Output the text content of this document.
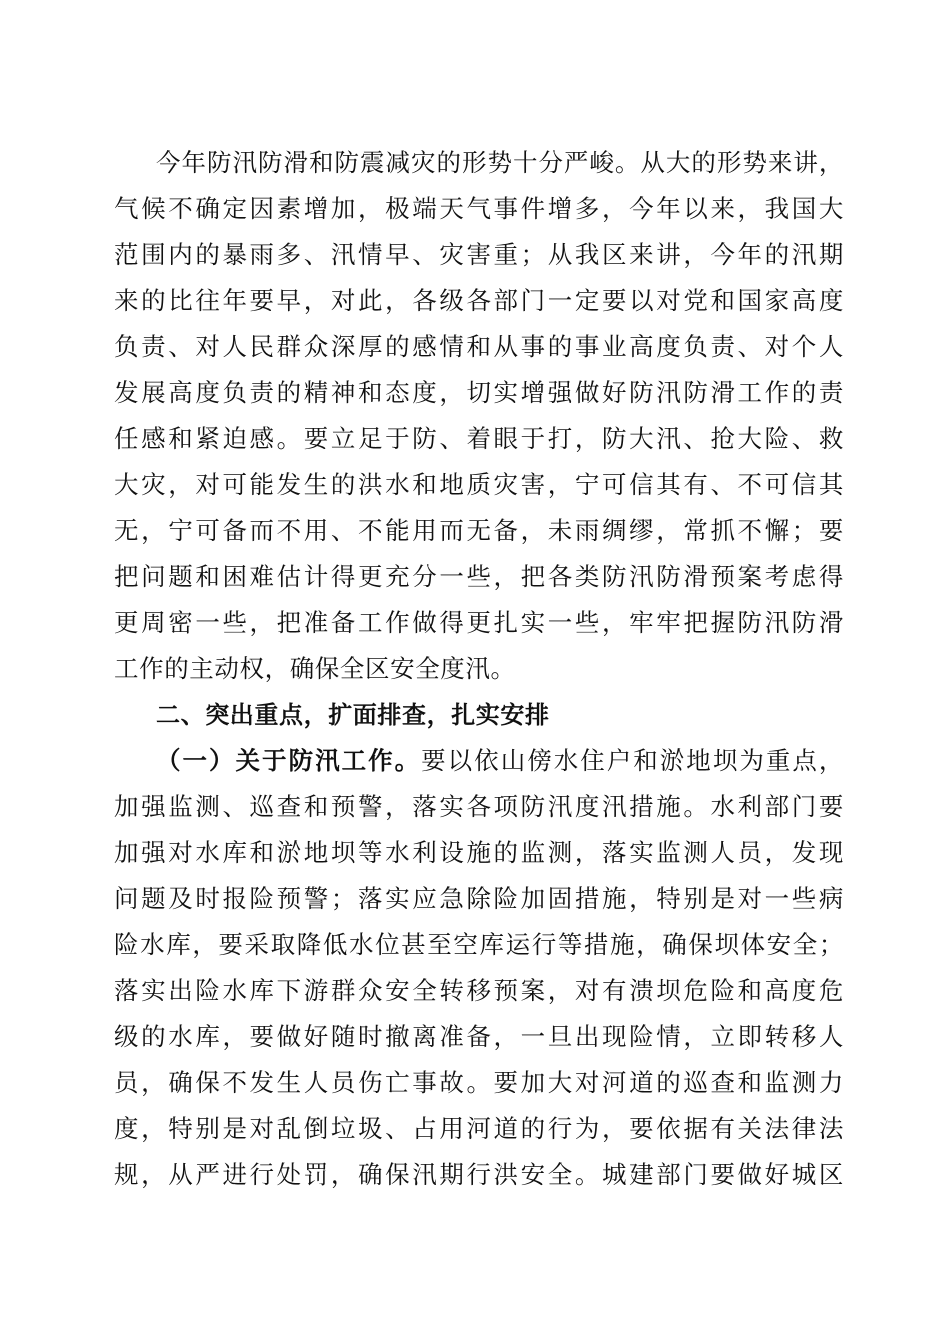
今年防汛防滑和防震减灾的形势十分严峻。从大的形势来讲，
气候不确定因素增加，极端天气事件增多，今年以来，我国大
范围内的暴雨多、汛情早、灾害重；从我区来讲，今年的汛期
来的比往年要早，对此，各级各部门一定要以对党和国家高度
负责、对人民群众深厚的感情和从事的事业高度负责、对个人
发展高度负责的精神和态度，切实增强做好防汛防滑工作的责
任感和紧迫感。要立足于防、着眼于打，防大汛、抢大险、救
大灾，对可能发生的洪水和地质灾害，宁可信其有、不可信其
无，宁可备而不用、不能用而无备，未雨绸缪，常抓不懈；要
把问题和困难估计得更充分一些，把各类防汛防滑预案考虑得
更周密一些，把准备工作做得更扎实一些，牢牢把握防汛防滑
工作的主动权，确保全区安全度汛。
二、突出重点，扩面排查，扎实安排
（一）关于防汛工作。要以依山傍水住户和淤地坝为重点，
加强监测、巡查和预警，落实各项防汛度汛措施。水利部门要
加强对水库和淤地坝等水利设施的监测，落实监测人员，发现
问题及时报险预警；落实应急除险加固措施，特别是对一些病
险水库，要采取降低水位甚至空库运行等措施，确保坝体安全；
落实出险水库下游群众安全转移预案，对有溃坝危险和高度危
级的水库，要做好随时撤离准备，一旦出现险情，立即转移人
员，确保不发生人员伤亡事故。要加大对河道的巡查和监测力
度，特别是对乱倒垃圾、占用河道的行为，要依据有关法律法
规，从严进行处罚，确保汛期行洪安全。城建部门要做好城区
